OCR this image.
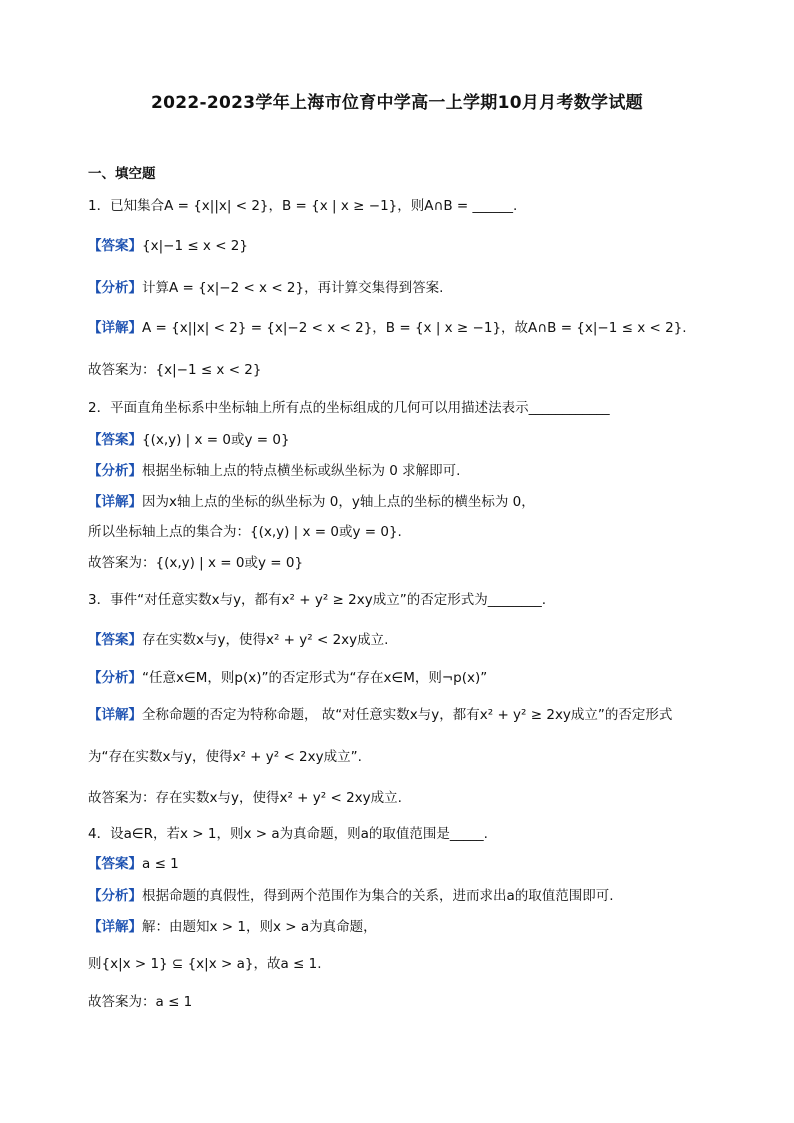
2022-2023学年上海市位育中学高一上学期10月月考数学试题
一、填空题
1．已知集合A = {x||x| < 2}，B = {x | x ≥ −1}，则A∩B = ______.
【答案】{x|−1 ≤ x < 2}
【分析】计算A = {x|−2 < x < 2}，再计算交集得到答案.
【详解】A = {x||x| < 2} = {x|−2 < x < 2}，B = {x | x ≥ −1}，故A∩B = {x|−1 ≤ x < 2}.
故答案为：{x|−1 ≤ x < 2}
2．平面直角坐标系中坐标轴上所有点的坐标组成的几何可以用描述法表示____________
【答案】{(x,y) | x = 0或y = 0}
【分析】根据坐标轴上点的特点横坐标或纵坐标为 0 求解即可.
【详解】因为x轴上点的坐标的纵坐标为 0，y轴上点的坐标的横坐标为 0，
所以坐标轴上点的集合为：{(x,y) | x = 0或y = 0}.
故答案为：{(x,y) | x = 0或y = 0}
3．事件“对任意实数x与y，都有x² + y² ≥ 2xy成立”的否定形式为________.
【答案】存在实数x与y，使得x² + y² < 2xy成立.
【分析】“任意x∈M，则p(x)”的否定形式为“存在x∈M，则¬p(x)”
【详解】全称命题的否定为特称命题， 故“对任意实数x与y，都有x² + y² ≥ 2xy成立”的否定形式
为“存在实数x与y，使得x² + y² < 2xy成立”.
故答案为：存在实数x与y，使得x² + y² < 2xy成立.
4．设a∈R，若x > 1，则x > a为真命题，则a的取值范围是_____.
【答案】a ≤ 1
【分析】根据命题的真假性，得到两个范围作为集合的关系，进而求出a的取值范围即可.
【详解】解：由题知x > 1，则x > a为真命题，
则{x|x > 1} ⊆ {x|x > a}，故a ≤ 1.
故答案为：a ≤ 1
